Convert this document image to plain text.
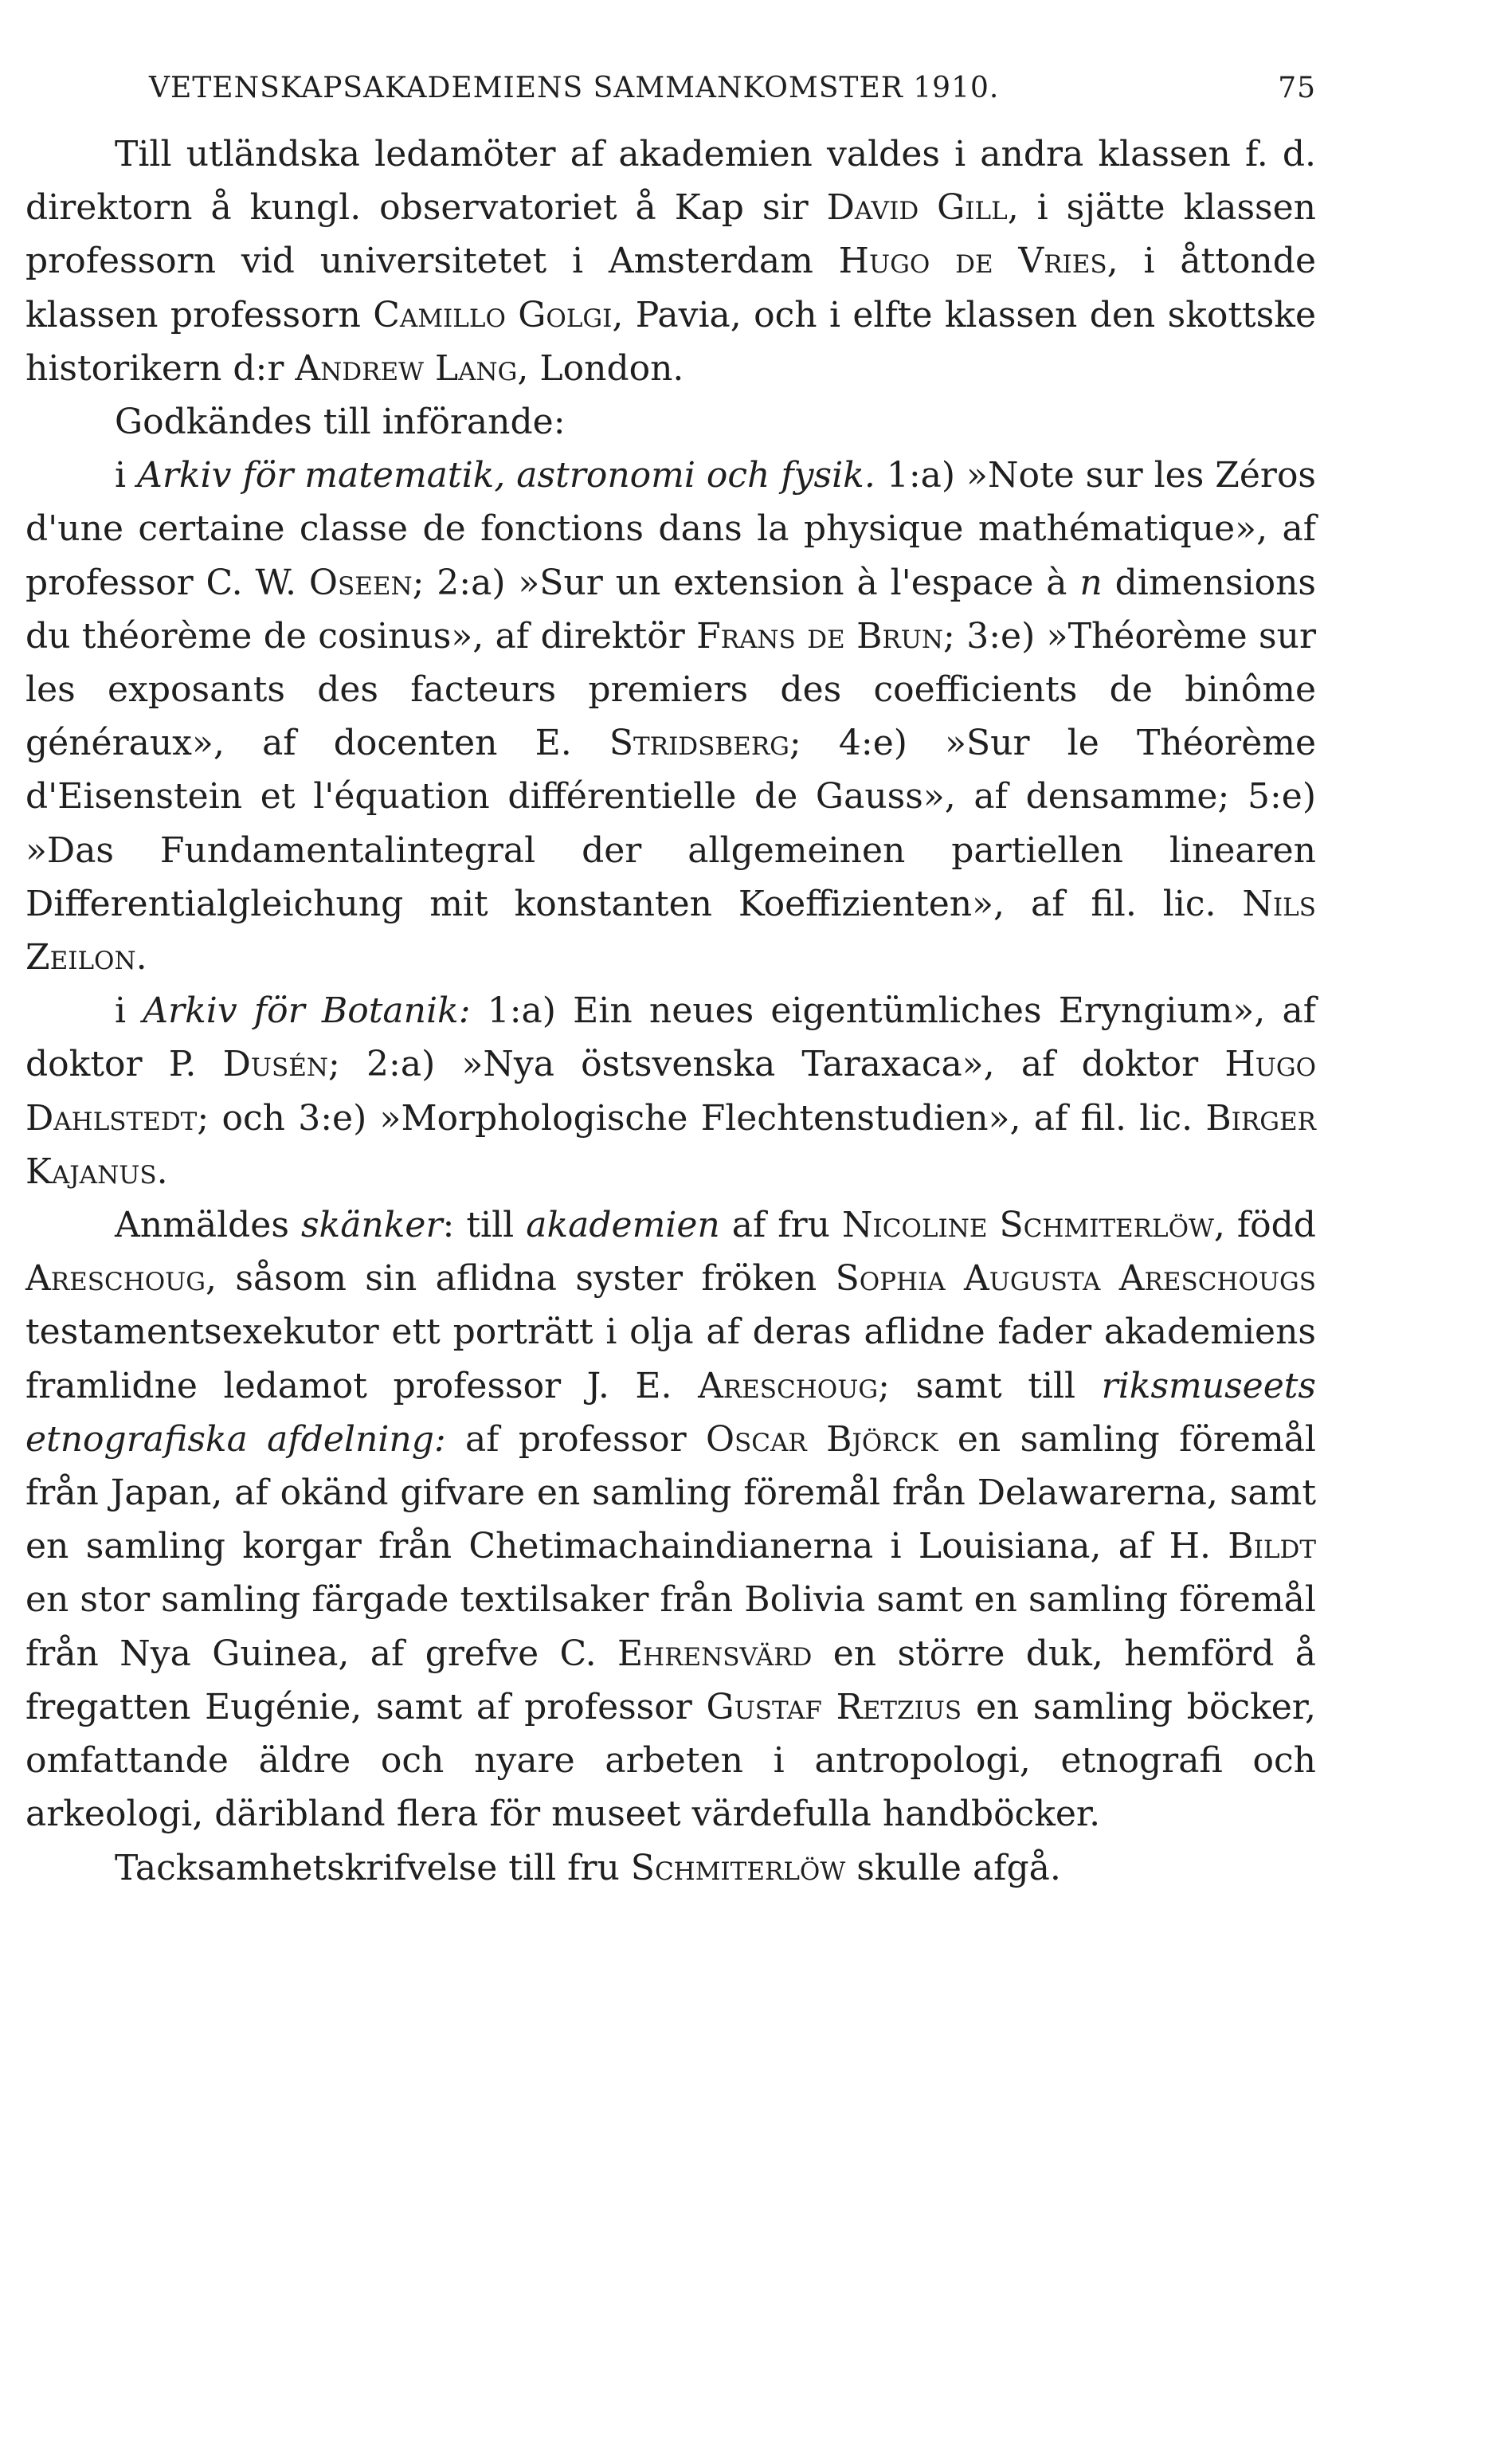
VETENSKAPSAKADEMIENS SAMMANKOMSTER 1910.	75

Till utländska ledamöter af akademien valdes i andra klassen f. d. direktorn å kungl. observatoriet å Kap sir David Gill, i sjätte klassen professorn vid universitetet i Amsterdam Hugo de Vries, i åttonde klassen professorn Camillo Golgi, Pavia, och i elfte klassen den skottske historikern d:r Andrew Lang, London.

Godkändes till införande:

i Arkiv för matematik, astronomi och fysik. 1:a) »Note sur les Zéros d'une certaine classe de fonctions dans la physique mathématique», af professor C. W. Oseen; 2:a) »Sur un extension à l'espace à n dimensions du théorème de cosinus», af direktör Frans de Brun; 3:e) »Théorème sur les exposants des facteurs premiers des coefficients de binôme généraux», af docenten E. Stridsberg; 4:e) »Sur le Théorème d'Eisenstein et l'équation différentielle de Gauss», af densamme; 5:e) »Das Fundamentalintegral der allgemeinen partiellen linearen Differentialgleichung mit konstanten Koeffizienten», af fil. lic. Nils Zeilon.

i Arkiv för Botanik: 1:a) Ein neues eigentümliches Eryngium», af doktor P. Dusén; 2:a) »Nya östsvenska Taraxaca», af doktor Hugo Dahlstedt; och 3:e) »Morphologische Flechtenstudien», af fil. lic. Birger Kajanus.

Anmäldes skänker: till akademien af fru Nicoline Schmiterlöw, född Areschoug, såsom sin aflidna syster fröken Sophia Augusta Areschougs testamentsexekutor ett porträtt i olja af deras aflidne fader akademiens framlidne ledamot professor J. E. Areschoug; samt till riksmuseets etnografiska afdelning: af professor Oscar Björck en samling föremål från Japan, af okänd gifvare en samling föremål från Delawarerna, samt en samling korgar från Chetimachaindianerna i Louisiana, af H. Bildt en stor samling färgade textilsaker från Bolivia samt en samling föremål från Nya Guinea, af grefve C. Ehrensvärd en större duk, hemförd å fregatten Eugénie, samt af professor Gustaf Retzius en samling böcker, omfattande äldre och nyare arbeten i antropologi, etnografi och arkeologi, däribland flera för museet värdefulla handböcker.

Tacksamhetskrifvelse till fru Schmiterlöw skulle afgå.
